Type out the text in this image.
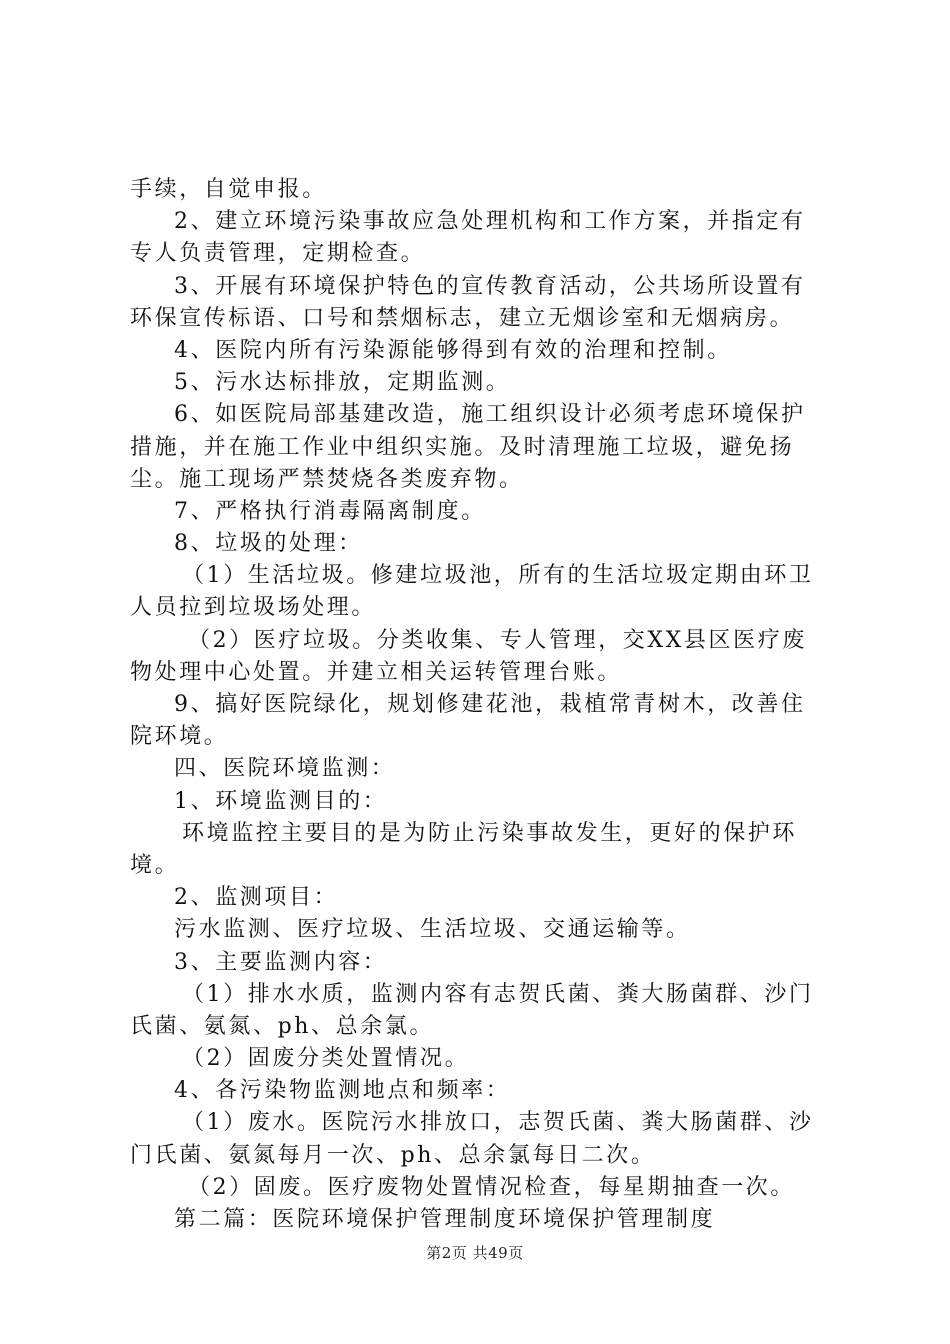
手续，自觉申报。
2、建立环境污染事故应急处理机构和工作方案，并指定有
专人负责管理，定期检查。
3、开展有环境保护特色的宣传教育活动，公共场所设置有
环保宣传标语、口号和禁烟标志，建立无烟诊室和无烟病房。
4、医院内所有污染源能够得到有效的治理和控制。
5、污水达标排放，定期监测。
6、如医院局部基建改造，施工组织设计必须考虑环境保护
措施，并在施工作业中组织实施。及时清理施工垃圾，避免扬
尘。施工现场严禁焚烧各类废弃物。
7、严格执行消毒隔离制度。
8、垃圾的处理：
（1）生活垃圾。修建垃圾池，所有的生活垃圾定期由环卫
人员拉到垃圾场处理。
（2）医疗垃圾。分类收集、专人管理，交XX县区医疗废
物处理中心处置。并建立相关运转管理台账。
9、搞好医院绿化，规划修建花池，栽植常青树木，改善住
院环境。
四、医院环境监测：
1、环境监测目的：
环境监控主要目的是为防止污染事故发生，更好的保护环
境。
2、监测项目：
污水监测、医疗垃圾、生活垃圾、交通运输等。
3、主要监测内容：
（1）排水水质，监测内容有志贺氏菌、粪大肠菌群、沙门
氏菌、氨氮、ph、总余氯。
（2）固废分类处置情况。
4、各污染物监测地点和频率：
（1）废水。医院污水排放口，志贺氏菌、粪大肠菌群、沙
门氏菌、氨氮每月一次、ph、总余氯每日二次。
（2）固废。医疗废物处置情况检查，每星期抽查一次。
第二篇：医院环境保护管理制度环境保护管理制度
第2页 共49页
